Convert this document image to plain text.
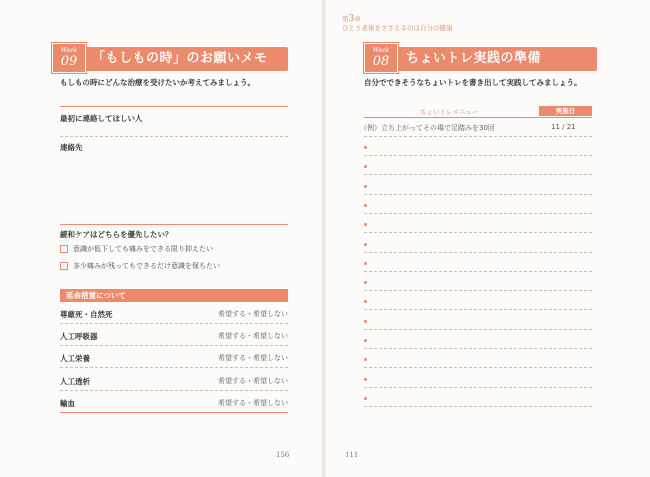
Week
09	「もしもの時」のお願いメモ
もしもの時にどんな治療を受けたいか考えてみましょう。
最初に連絡してほしい人
連絡先
緩和ケアはどちらを優先したい？
意識が低下しても痛みをできる限り抑えたい
多少痛みが残ってもできるだけ意識を保ちたい
延命措置について
尊厳死・自然死	希望する・希望しない
人工呼吸器	希望する・希望しない
人工栄養	希望する・希望しない
人工透析	希望する・希望しない
輸血	希望する・希望しない
156
第3章
ひとり老後をささえるのは自分の健康
Week
08	ちょいトレ実践の準備
自分でできそうなちょいトレを書き出して実践してみましょう。
ちょいトレメニュー	実施日
（例）立ち上がってその場で足踏みを30回	11 / 21
111
